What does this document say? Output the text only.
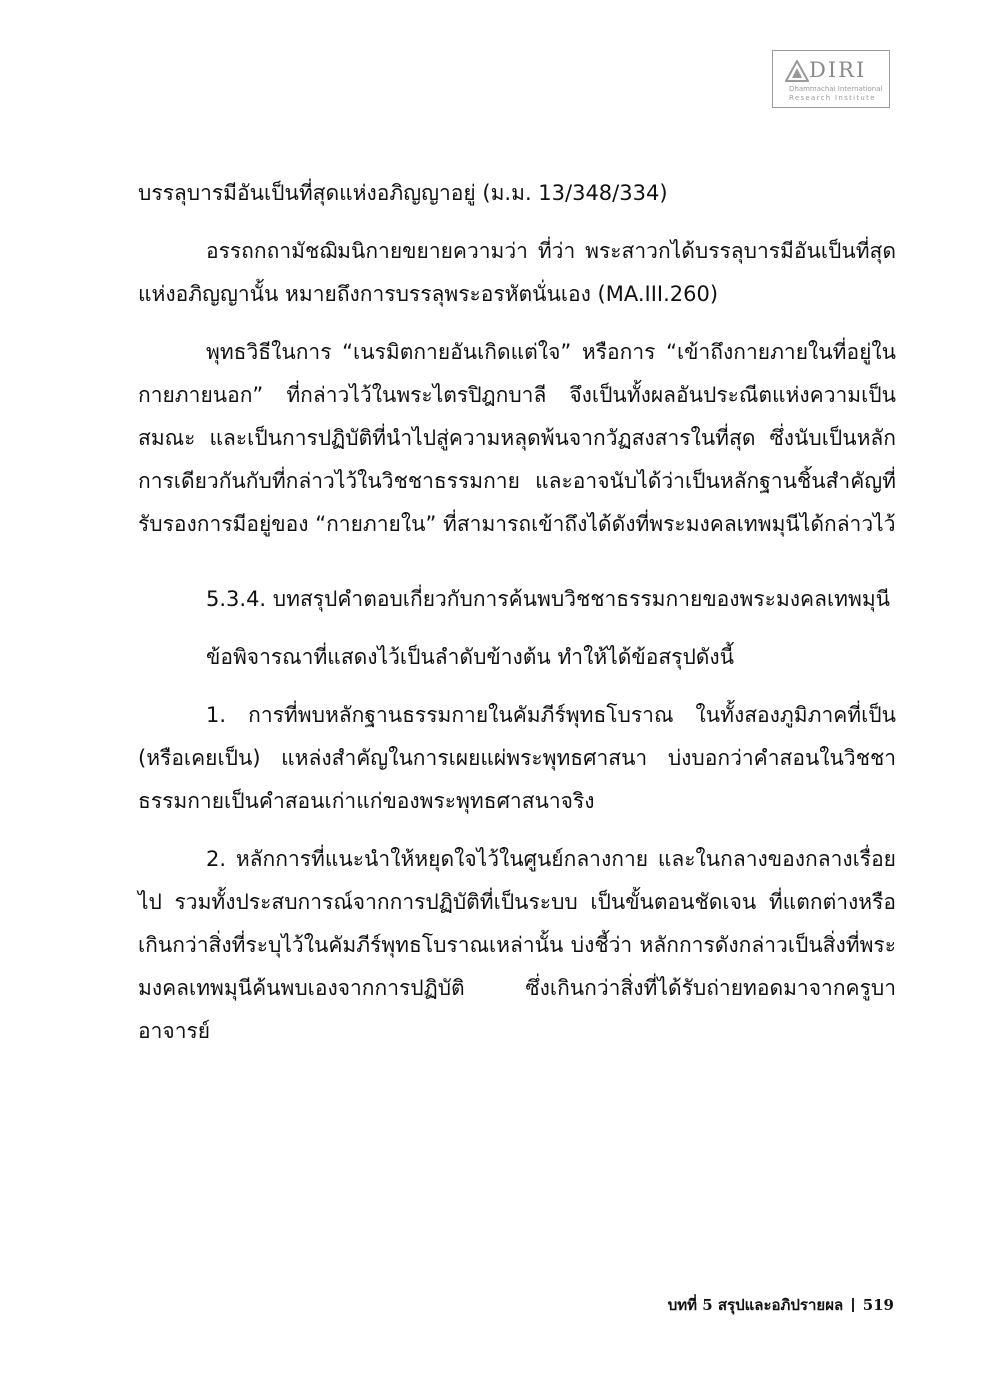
DIRI
Dhammachai International
Research Institute

บรรลุบารมีอันเป็นที่สุดแห่งอภิญญาอยู่ (ม.ม. 13/348/334)

อรรถกถามัชฌิมนิกายขยายความว่า ที่ว่า พระสาวกได้บรรลุบารมีอันเป็นที่สุดแห่งอภิญญานั้น หมายถึงการบรรลุพระอรหัตนั่นเอง (MA.III.260)

พุทธวิธีในการ “เนรมิตกายอันเกิดแต่ใจ” หรือการ “เข้าถึงกายภายในที่อยู่ในกายภายนอก” ที่กล่าวไว้ในพระไตรปิฎกบาลี จึงเป็นทั้งผลอันประณีตแห่งความเป็นสมณะ และเป็นการปฏิบัติที่นำไปสู่ความหลุดพ้นจากวัฏสงสารในที่สุด ซึ่งนับเป็นหลักการเดียวกันกับที่กล่าวไว้ในวิชชาธรรมกาย และอาจนับได้ว่าเป็นหลักฐานชิ้นสำคัญที่รับรองการมีอยู่ของ “กายภายใน” ที่สามารถเข้าถึงได้ดังที่พระมงคลเทพมุนีได้กล่าวไว้

5.3.4. บทสรุปคำตอบเกี่ยวกับการค้นพบวิชชาธรรมกายของพระมงคลเทพมุนี

ข้อพิจารณาที่แสดงไว้เป็นลำดับข้างต้น ทำให้ได้ข้อสรุปดังนี้

1. การที่พบหลักฐานธรรมกายในคัมภีร์พุทธโบราณ ในทั้งสองภูมิภาคที่เป็น (หรือเคยเป็น) แหล่งสำคัญในการเผยแผ่พระพุทธศาสนา บ่งบอกว่าคำสอนในวิชชาธรรมกายเป็นคำสอนเก่าแก่ของพระพุทธศาสนาจริง

2. หลักการที่แนะนำให้หยุดใจไว้ในศูนย์กลางกาย และในกลางของกลางเรื่อยไป รวมทั้งประสบการณ์จากการปฏิบัติที่เป็นระบบ เป็นขั้นตอนชัดเจน ที่แตกต่างหรือเกินกว่าสิ่งที่ระบุไว้ในคัมภีร์พุทธโบราณเหล่านั้น บ่งชี้ว่า หลักการดังกล่าวเป็นสิ่งที่พระมงคลเทพมุนีค้นพบเองจากการปฏิบัติ ซึ่งเกินกว่าสิ่งที่ได้รับถ่ายทอดมาจากครูบาอาจารย์

บทที่ 5 สรุปและอภิปรายผล 519
